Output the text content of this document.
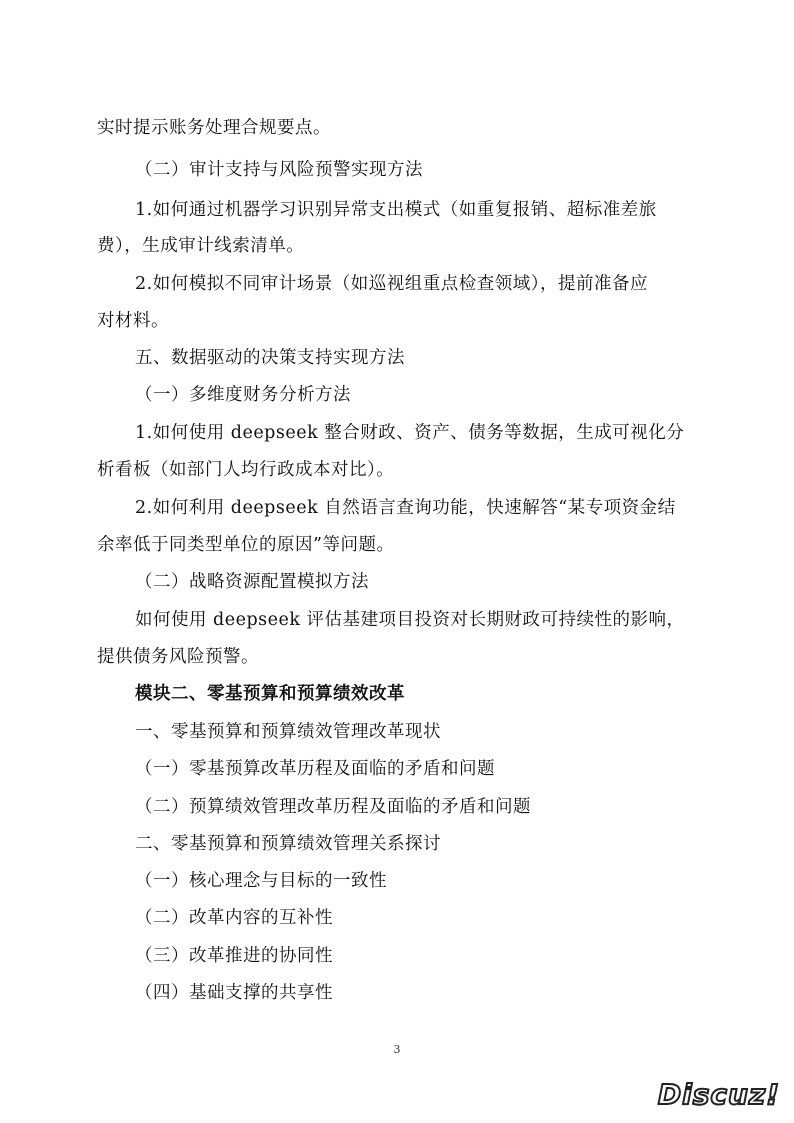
实时提示账务处理合规要点。
（二）审计支持与风险预警实现方法
1.如何通过机器学习识别异常支出模式（如重复报销、超标准差旅
费），生成审计线索清单。
2.如何模拟不同审计场景（如巡视组重点检查领域），提前准备应
对材料。
五、数据驱动的决策支持实现方法
（一）多维度财务分析方法
1.如何使用 deepseek 整合财政、资产、债务等数据，生成可视化分
析看板（如部门人均行政成本对比）。
2.如何利用 deepseek 自然语言查询功能，快速解答“某专项资金结
余率低于同类型单位的原因”等问题。
（二）战略资源配置模拟方法
如何使用 deepseek 评估基建项目投资对长期财政可持续性的影响，
提供债务风险预警。
模块二、零基预算和预算绩效改革
一、零基预算和预算绩效管理改革现状
（一）零基预算改革历程及面临的矛盾和问题
（二）预算绩效管理改革历程及面临的矛盾和问题
二、零基预算和预算绩效管理关系探讨
（一）核心理念与目标的一致性
（二）改革内容的互补性
（三）改革推进的协同性
（四）基础支撑的共享性
3
Discuz!
